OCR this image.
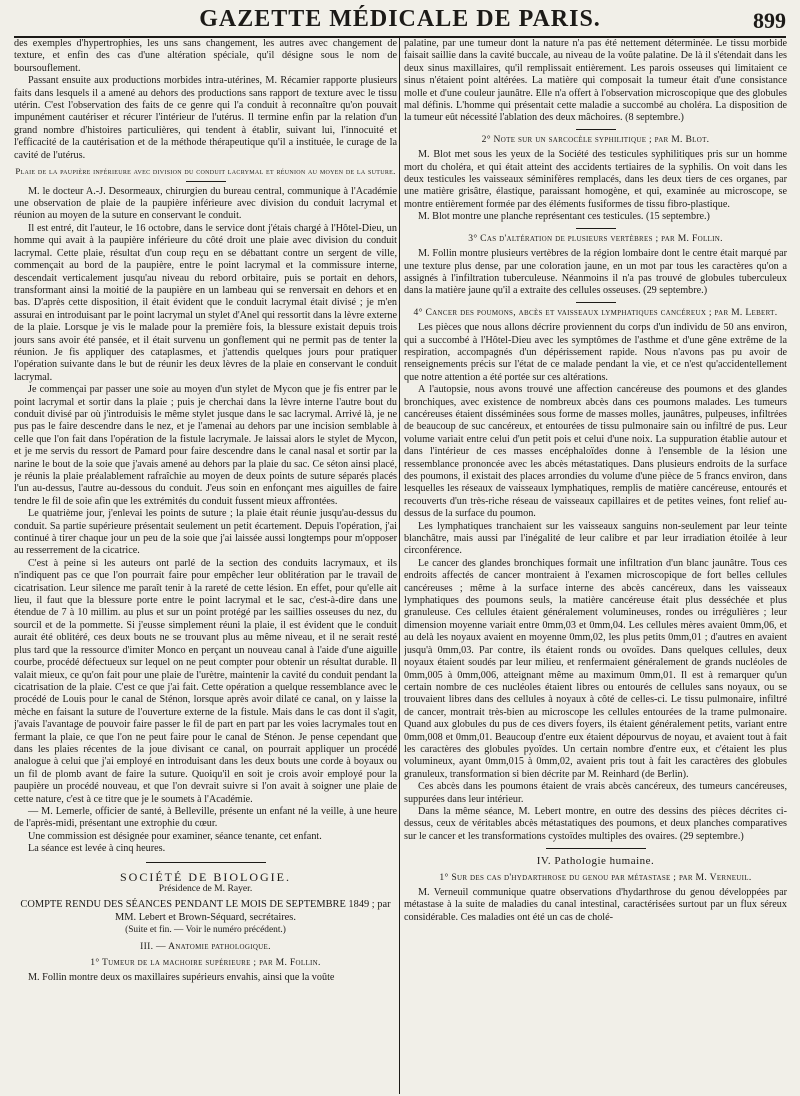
GAZETTE MÉDICALE DE PARIS.	899

des exemples d'hypertrophies, les uns sans changement, les autres avec changement de texture, et enfin des cas d'une altération spéciale, qu'il désigne sous le nom de boursouflement.

Passant ensuite aux productions morbides intra-utérines, M. Récamier rapporte plusieurs faits dans lesquels il a amené au dehors des productions sans rapport de texture avec le tissu utérin. C'est l'observation des faits de ce genre qui l'a conduit à reconnaître qu'on pouvait impunément cautériser et récurer l'intérieur de l'utérus. Il termine enfin par la relation d'un grand nombre d'histoires particulières, qui tendent à établir, suivant lui, l'innocuité et l'efficacité de la cautérisation et de la méthode thérapeutique qu'il a instituée, le curage de la cavité de l'utérus.

Plaie de la paupière inférieure avec division du conduit lacrymal et réunion au moyen de la suture.

M. le docteur A.-J. Desormeaux, chirurgien du bureau central, communique à l'Académie une observation de plaie de la paupière inférieure avec division du conduit lacrymal et réunion au moyen de la suture en conservant le conduit.

Il est entré, dit l'auteur, le 16 octobre, dans le service dont j'étais chargé à l'Hôtel-Dieu, un homme qui avait à la paupière inférieure du côté droit une plaie avec division du conduit lacrymal. Cette plaie, résultat d'un coup reçu en se débattant contre un sergent de ville, commençait au bord de la paupière, entre le point lacrymal et la commissure interne, descendait verticalement jusqu'au niveau du rebord orbitaire, puis se portait en dehors, transformant ainsi la moitié de la paupière en un lambeau qui se renversait en dehors et en bas. D'après cette disposition, il était évident que le conduit lacrymal était divisé ; je m'en assurai en introduisant par le point lacrymal un stylet d'Anel qui ressortit dans la lèvre externe de la plaie. Lorsque je vis le malade pour la première fois, la blessure existait depuis trois jours sans avoir été pansée, et il était survenu un gonflement qui ne permit pas de tenter la réunion. Je fis appliquer des cataplasmes, et j'attendis quelques jours pour pratiquer l'opération suivante dans le but de réunir les deux lèvres de la plaie en conservant le conduit lacrymal.

Je commençai par passer une soie au moyen d'un stylet de Mycon que je fis entrer par le point lacrymal et sortir dans la plaie ; puis je cherchai dans la lèvre interne l'autre bout du conduit divisé par où j'introduisis le même stylet jusque dans le sac lacrymal. Arrivé là, je ne pus pas le faire descendre dans le nez, et je l'amenai au dehors par une incision semblable à celle que l'on fait dans l'opération de la fistule lacrymale. Je laissai alors le stylet de Mycon, et je me servis du ressort de Pamard pour faire descendre dans le canal nasal et sortir par la narine le bout de la soie que j'avais amené au dehors par la plaie du sac. Ce séton ainsi placé, je réunis la plaie préalablement rafraîchie au moyen de deux points de suture séparés placés l'un au-dessus, l'autre au-dessous du conduit. J'eus soin en enfonçant mes aiguilles de faire tendre le fil de soie afin que les extrémités du conduit fussent mieux affrontées.

Le quatrième jour, j'enlevai les points de suture ; la plaie était réunie jusqu'au-dessus du conduit. Sa partie supérieure présentait seulement un petit écartement. Depuis l'opération, j'ai continué à tirer chaque jour un peu de la soie que j'ai laissée aussi longtemps pour m'opposer au resserrement de la cicatrice.

C'est à peine si les auteurs ont parlé de la section des conduits lacrymaux, et ils n'indiquent pas ce que l'on pourrait faire pour empêcher leur oblitération par le travail de cicatrisation. Leur silence me paraît tenir à la rareté de cette lésion. En effet, pour qu'elle ait lieu, il faut que la blessure porte entre le point lacrymal et le sac, c'est-à-dire dans une étendue de 7 à 10 millim. au plus et sur un point protégé par les saillies osseuses du nez, du sourcil et de la pommette. Si j'eusse simplement réuni la plaie, il est évident que le conduit aurait été oblitéré, ces deux bouts ne se trouvant plus au même niveau, et il ne serait resté plus tard que la ressource d'imiter Monco en perçant un nouveau canal à l'aide d'une aiguille courbe, procédé défectueux sur lequel on ne peut compter pour obtenir un résultat durable. Il valait mieux, ce qu'on fait pour une plaie de l'urètre, maintenir la cavité du conduit pendant la cicatrisation de la plaie. C'est ce que j'ai fait. Cette opération a quelque ressemblance avec le procédé de Louis pour le canal de Sténon, lorsque après avoir dilaté ce canal, on y laisse la mèche en faisant la suture de l'ouverture externe de la fistule. Mais dans le cas dont il s'agit, j'avais l'avantage de pouvoir faire passer le fil de part en part par les voies lacrymales tout en fermant la plaie, ce que l'on ne peut faire pour le canal de Sténon. Je pense cependant que dans les plaies récentes de la joue divisant ce canal, on pourrait appliquer un procédé analogue à celui que j'ai employé en introduisant dans les deux bouts une corde à boyaux ou un fil de plomb avant de faire la suture. Quoiqu'il en soit je crois avoir employé pour la paupière un procédé nouveau, et que l'on devrait suivre si l'on avait à soigner une plaie de cette nature, c'est à ce titre que je le soumets à l'Académie.

— M. Lemerle, officier de santé, à Belleville, présente un enfant né la veille, à une heure de l'après-midi, présentant une extrophie du cœur.

Une commission est désignée pour examiner, séance tenante, cet enfant.

La séance est levée à cinq heures.

SOCIÉTÉ DE BIOLOGIE.
Présidence de M. Rayer.
COMPTE RENDU DES SÉANCES PENDANT LE MOIS DE SEPTEMBRE 1849 ; par MM. Lebert et Brown-Séquard, secrétaires.
(Suite et fin. — Voir le numéro précédent.)
III. — Anatomie pathologique.
1° Tumeur de la machoire supérieure ; par M. Follin.

M. Follin montre deux os maxillaires supérieurs envahis, ainsi que la voûte

palatine, par une tumeur dont la nature n'a pas été nettement déterminée. Le tissu morbide faisait saillie dans la cavité buccale, au niveau de la voûte palatine. De là il s'étendait dans les deux sinus maxillaires, qu'il remplissait entièrement. Les parois osseuses qui limitaient ce sinus n'étaient point altérées. La matière qui composait la tumeur était d'une consistance molle et d'une couleur jaunâtre. Elle n'a offert à l'observation microscopique que des globules mal définis. L'homme qui présentait cette maladie a succombé au choléra. La disposition de la tumeur eût nécessité l'ablation des deux mâchoires. (8 septembre.)

2° Note sur un sarcocèle syphilitique ; par M. Blot.

M. Blot met sous les yeux de la Société des testicules syphilitiques pris sur un homme mort du choléra, et qui était atteint des accidents tertiaires de la syphilis. On voit dans les deux testicules les vaisseaux séminifères remplacés, dans les deux tiers de ces organes, par une matière grisâtre, élastique, paraissant homogène, et qui, examinée au microscope, se montre entièrement formée par des éléments fusiformes de tissu fibro-plastique.

M. Blot montre une planche représentant ces testicules. (15 septembre.)

3° Cas d'altération de plusieurs vertèbres ; par M. Follin.

M. Follin montre plusieurs vertèbres de la région lombaire dont le centre était marqué par une texture plus dense, par une coloration jaune, en un mot par tous les caractères qu'on a assignés à l'infiltration tuberculeuse. Néanmoins il n'a pas trouvé de globules tuberculeux dans la matière jaune qu'il a extraite des cellules osseuses. (29 septembre.)

4° Cancer des poumons, abcès et vaisseaux lymphatiques cancéreux ; par M. Lebert.

Les pièces que nous allons décrire proviennent du corps d'un individu de 50 ans environ, qui a succombé à l'Hôtel-Dieu avec les symptômes de l'asthme et d'une gêne extrême de la respiration, accompagnés d'un dépérissement rapide. Nous n'avons pas pu avoir de renseignements précis sur l'état de ce malade pendant la vie, et ce n'est qu'accidentellement que notre attention a été portée sur ces altérations.

A l'autopsie, nous avons trouvé une affection cancéreuse des poumons et des glandes bronchiques, avec existence de nombreux abcès dans ces poumons malades. Les tumeurs cancéreuses étaient disséminées sous forme de masses molles, jaunâtres, pulpeuses, infiltrées de beaucoup de suc cancéreux, et entourées de tissu pulmonaire sain ou infiltré de pus. Leur volume variait entre celui d'un petit pois et celui d'une noix. La suppuration établie autour et dans l'intérieur de ces masses encéphaloïdes donne à l'ensemble de la lésion une ressemblance prononcée avec les abcès métastatiques. Dans plusieurs endroits de la surface des poumons, il existait des places arrondies du volume d'une pièce de 5 francs environ, dans lesquelles les réseaux de vaisseaux lymphatiques, remplis de matière cancéreuse, entourés et recouverts d'un très-riche réseau de vaisseaux capillaires et de petites veines, font relief au-dessus de la surface du poumon.

Les lymphatiques tranchaient sur les vaisseaux sanguins non-seulement par leur teinte blanchâtre, mais aussi par l'inégalité de leur calibre et par leur irradiation étoilée à leur circonférence.

Le cancer des glandes bronchiques formait une infiltration d'un blanc jaunâtre. Tous ces endroits affectés de cancer montraient à l'examen microscopique de fort belles cellules cancéreuses ; même à la surface interne des abcès cancéreux, dans les vaisseaux lymphatiques des poumons seuls, la matière cancéreuse était plus desséchée et plus granuleuse. Ces cellules étaient généralement volumineuses, rondes ou irrégulières ; leur dimension moyenne variait entre 0mm,03 et 0mm,04. Les cellules mères avaient 0mm,06, et au delà les noyaux avaient en moyenne 0mm,02, les plus petits 0mm,01 ; d'autres en avaient jusqu'à 0mm,03. Par contre, ils étaient ronds ou ovoïdes. Dans quelques cellules, deux noyaux étaient soudés par leur milieu, et renfermaient généralement de grands nucléoles de 0mm,005 à 0mm,006, atteignant même au maximum 0mm,01. Il est à remarquer qu'un certain nombre de ces nucléoles étaient libres ou entourés de cellules sans noyaux, ou se trouvaient libres dans des cellules à noyaux à côté de celles-ci. Le tissu pulmonaire, infiltré de cancer, montrait très-bien au microscope les cellules entourées de la trame pulmonaire. Quand aux globules du pus de ces divers foyers, ils étaient généralement petits, variant entre 0mm,008 et 0mm,01. Beaucoup d'entre eux étaient dépourvus de noyau, et avaient tout à fait les caractères des globules pyoïdes. Un certain nombre d'entre eux, et c'étaient les plus volumineux, ayant 0mm,015 à 0mm,02, avaient pris tout à fait les caractères des globules granuleux, transformation si bien décrite par M. Reinhard (de Berlin).

Ces abcès dans les poumons étaient de vrais abcès cancéreux, des tumeurs cancéreuses, suppurées dans leur intérieur.

Dans la même séance, M. Lebert montre, en outre des dessins des pièces décrites ci-dessus, ceux de véritables abcès métastatiques des poumons, et deux planches comparatives sur le cancer et les transformations cystoïdes multiples des ovaires. (29 septembre.)

IV. Pathologie humaine.
1° Sur des cas d'hydarthrose du genou par métastase ; par M. Verneuil.

M. Verneuil communique quatre observations d'hydarthrose du genou développées par métastase à la suite de maladies du canal intestinal, caractérisées surtout par un flux séreux considérable. Ces maladies ont été un cas de cholé-
